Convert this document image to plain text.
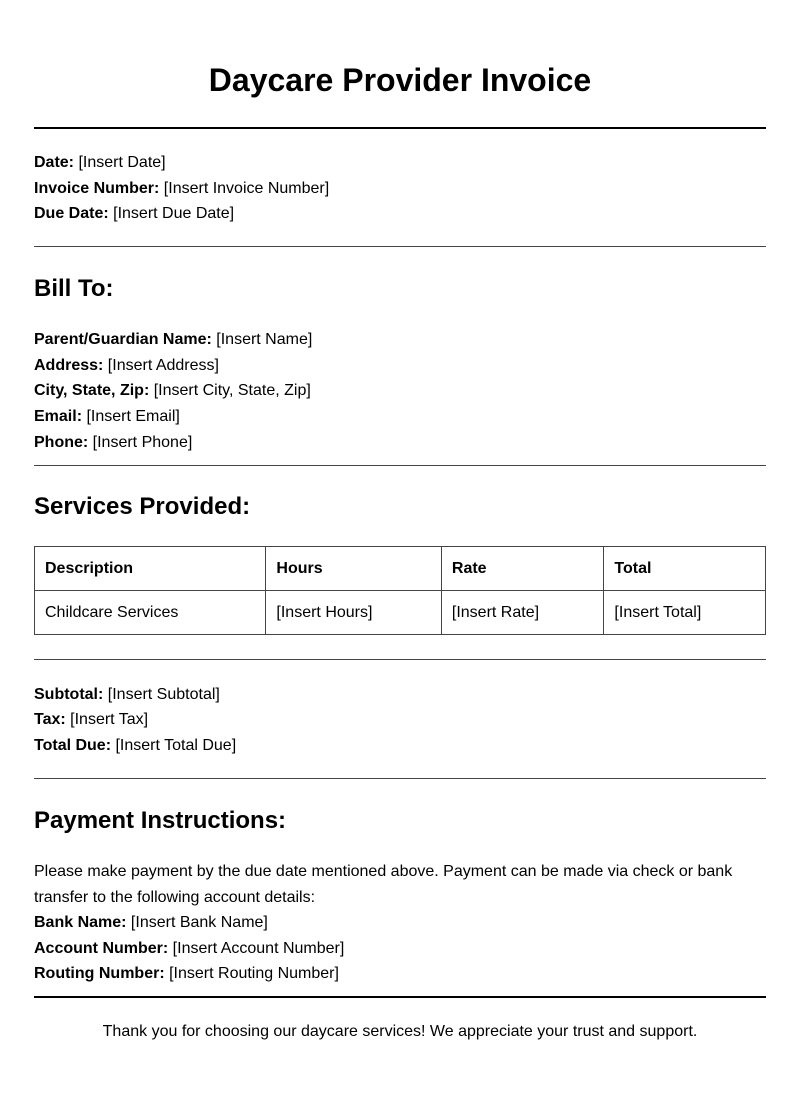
Daycare Provider Invoice
Date: [Insert Date]
Invoice Number: [Insert Invoice Number]
Due Date: [Insert Due Date]
Bill To:
Parent/Guardian Name: [Insert Name]
Address: [Insert Address]
City, State, Zip: [Insert City, State, Zip]
Email: [Insert Email]
Phone: [Insert Phone]
Services Provided:
Description	Hours	Rate	Total
Childcare Services	[Insert Hours]	[Insert Rate]	[Insert Total]
Subtotal: [Insert Subtotal]
Tax: [Insert Tax]
Total Due: [Insert Total Due]
Payment Instructions:
Please make payment by the due date mentioned above. Payment can be made via check or bank transfer to the following account details:
Bank Name: [Insert Bank Name]
Account Number: [Insert Account Number]
Routing Number: [Insert Routing Number]
Thank you for choosing our daycare services! We appreciate your trust and support.
